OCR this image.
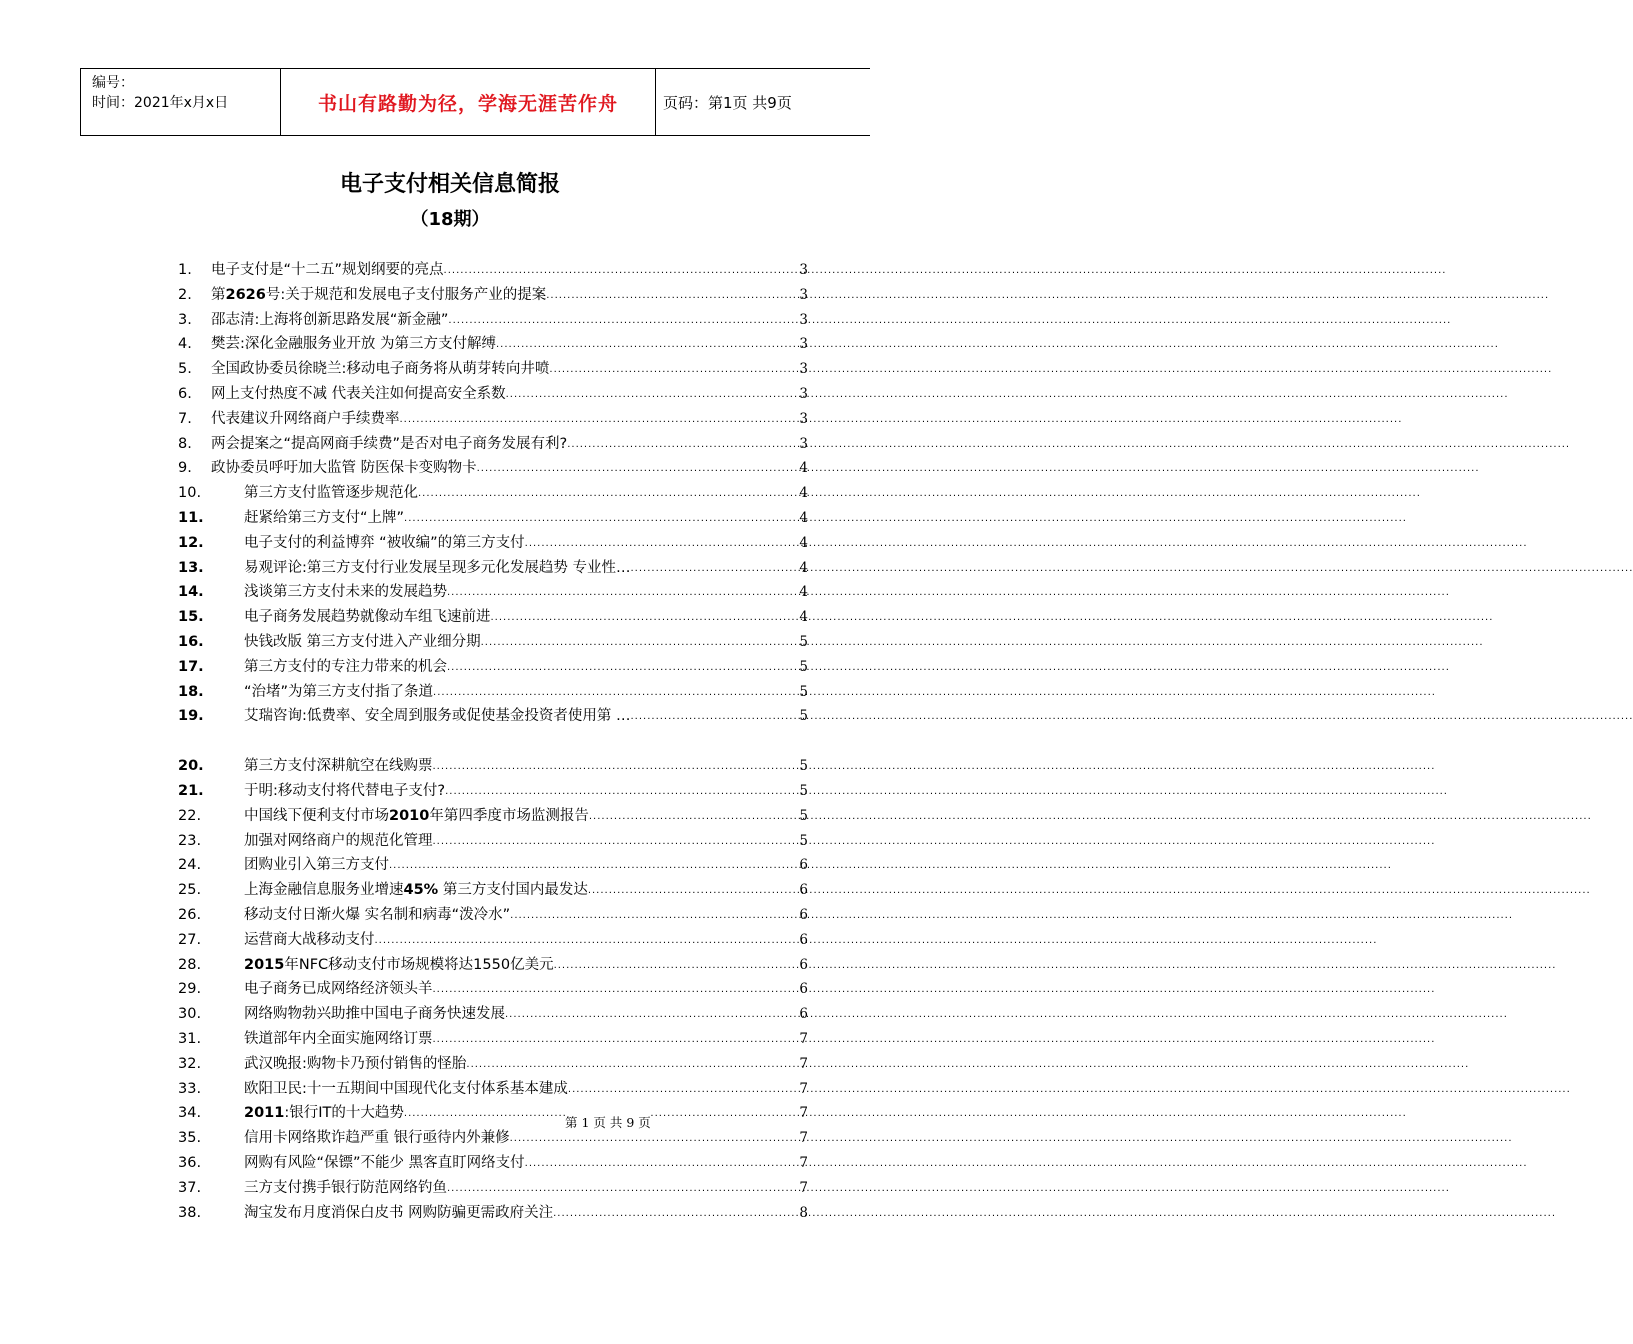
编号：
时间：2021年x月x日	书山有路勤为径，学海无涯苦作舟	页码：第1页 共9页
电子支付相关信息简报
（18期）
1.	电子支付是“十二五”规划纲要的亮点 .....	3
2.	第2626号:关于规范和发展电子支付服务产业的提案 .....	3
3.	邵志清:上海将创新思路发展“新金融” .....	3
4.	樊芸:深化金融服务业开放 为第三方支付解缚 .....	3
5.	全国政协委员徐晓兰:移动电子商务将从萌芽转向井喷 .....	3
6.	网上支付热度不减 代表关注如何提高安全系数 .....	3
7.	代表建议升网络商户手续费率 .....	3
8.	两会提案之“提高网商手续费”是否对电子商务发展有利? .....	3
9.	政协委员呼吁加大监管 防医保卡变购物卡 .....	4
10.	第三方支付监管逐步规范化 .....	4
11.	赶紧给第三方支付“上牌” .....	4
12.	电子支付的利益博弈 “被收编”的第三方支付 .....	4
13.	易观评论:第三方支付行业发展呈现多元化发展趋势 专业性… .....	4
14.	浅谈第三方支付未来的发展趋势 .....	4
15.	电子商务发展趋势就像动车组飞速前进 .....	4
16.	快钱改版 第三方支付进入产业细分期 .....	5
17.	第三方支付的专注力带来的机会 .....	5
18.	“治堵”为第三方支付指了条道 .....	5
19.	艾瑞咨询:低费率、安全周到服务或促使基金投资者使用第 … .....	5
20.	第三方支付深耕航空在线购票 .....	5
21.	于明:移动支付将代替电子支付? .....	5
22.	中国线下便利支付市场2010年第四季度市场监测报告 .....	5
23.	加强对网络商户的规范化管理 .....	5
24.	团购业引入第三方支付 .....	6
25.	上海金融信息服务业增速45% 第三方支付国内最发达 .....	6
26.	移动支付日渐火爆 实名制和病毒“泼冷水” .....	6
27.	运营商大战移动支付 .....	6
28.	2015年NFC移动支付市场规模将达1550亿美元 .....	6
29.	电子商务已成网络经济领头羊 .....	6
30.	网络购物勃兴助推中国电子商务快速发展 .....	6
31.	铁道部年内全面实施网络订票 .....	7
32.	武汉晚报:购物卡乃预付销售的怪胎 .....	7
33.	欧阳卫民:十一五期间中国现代化支付体系基本建成 .....	7
34.	2011:银行IT的十大趋势 .....	7
35.	信用卡网络欺诈趋严重 银行亟待内外兼修 .....	7
36.	网购有风险“保镖”不能少 黑客直盯网络支付 .....	7
37.	三方支付携手银行防范网络钓鱼 .....	7
38.	淘宝发布月度消保白皮书 网购防骗更需政府关注 .....	8
第 1 页 共 9 页
